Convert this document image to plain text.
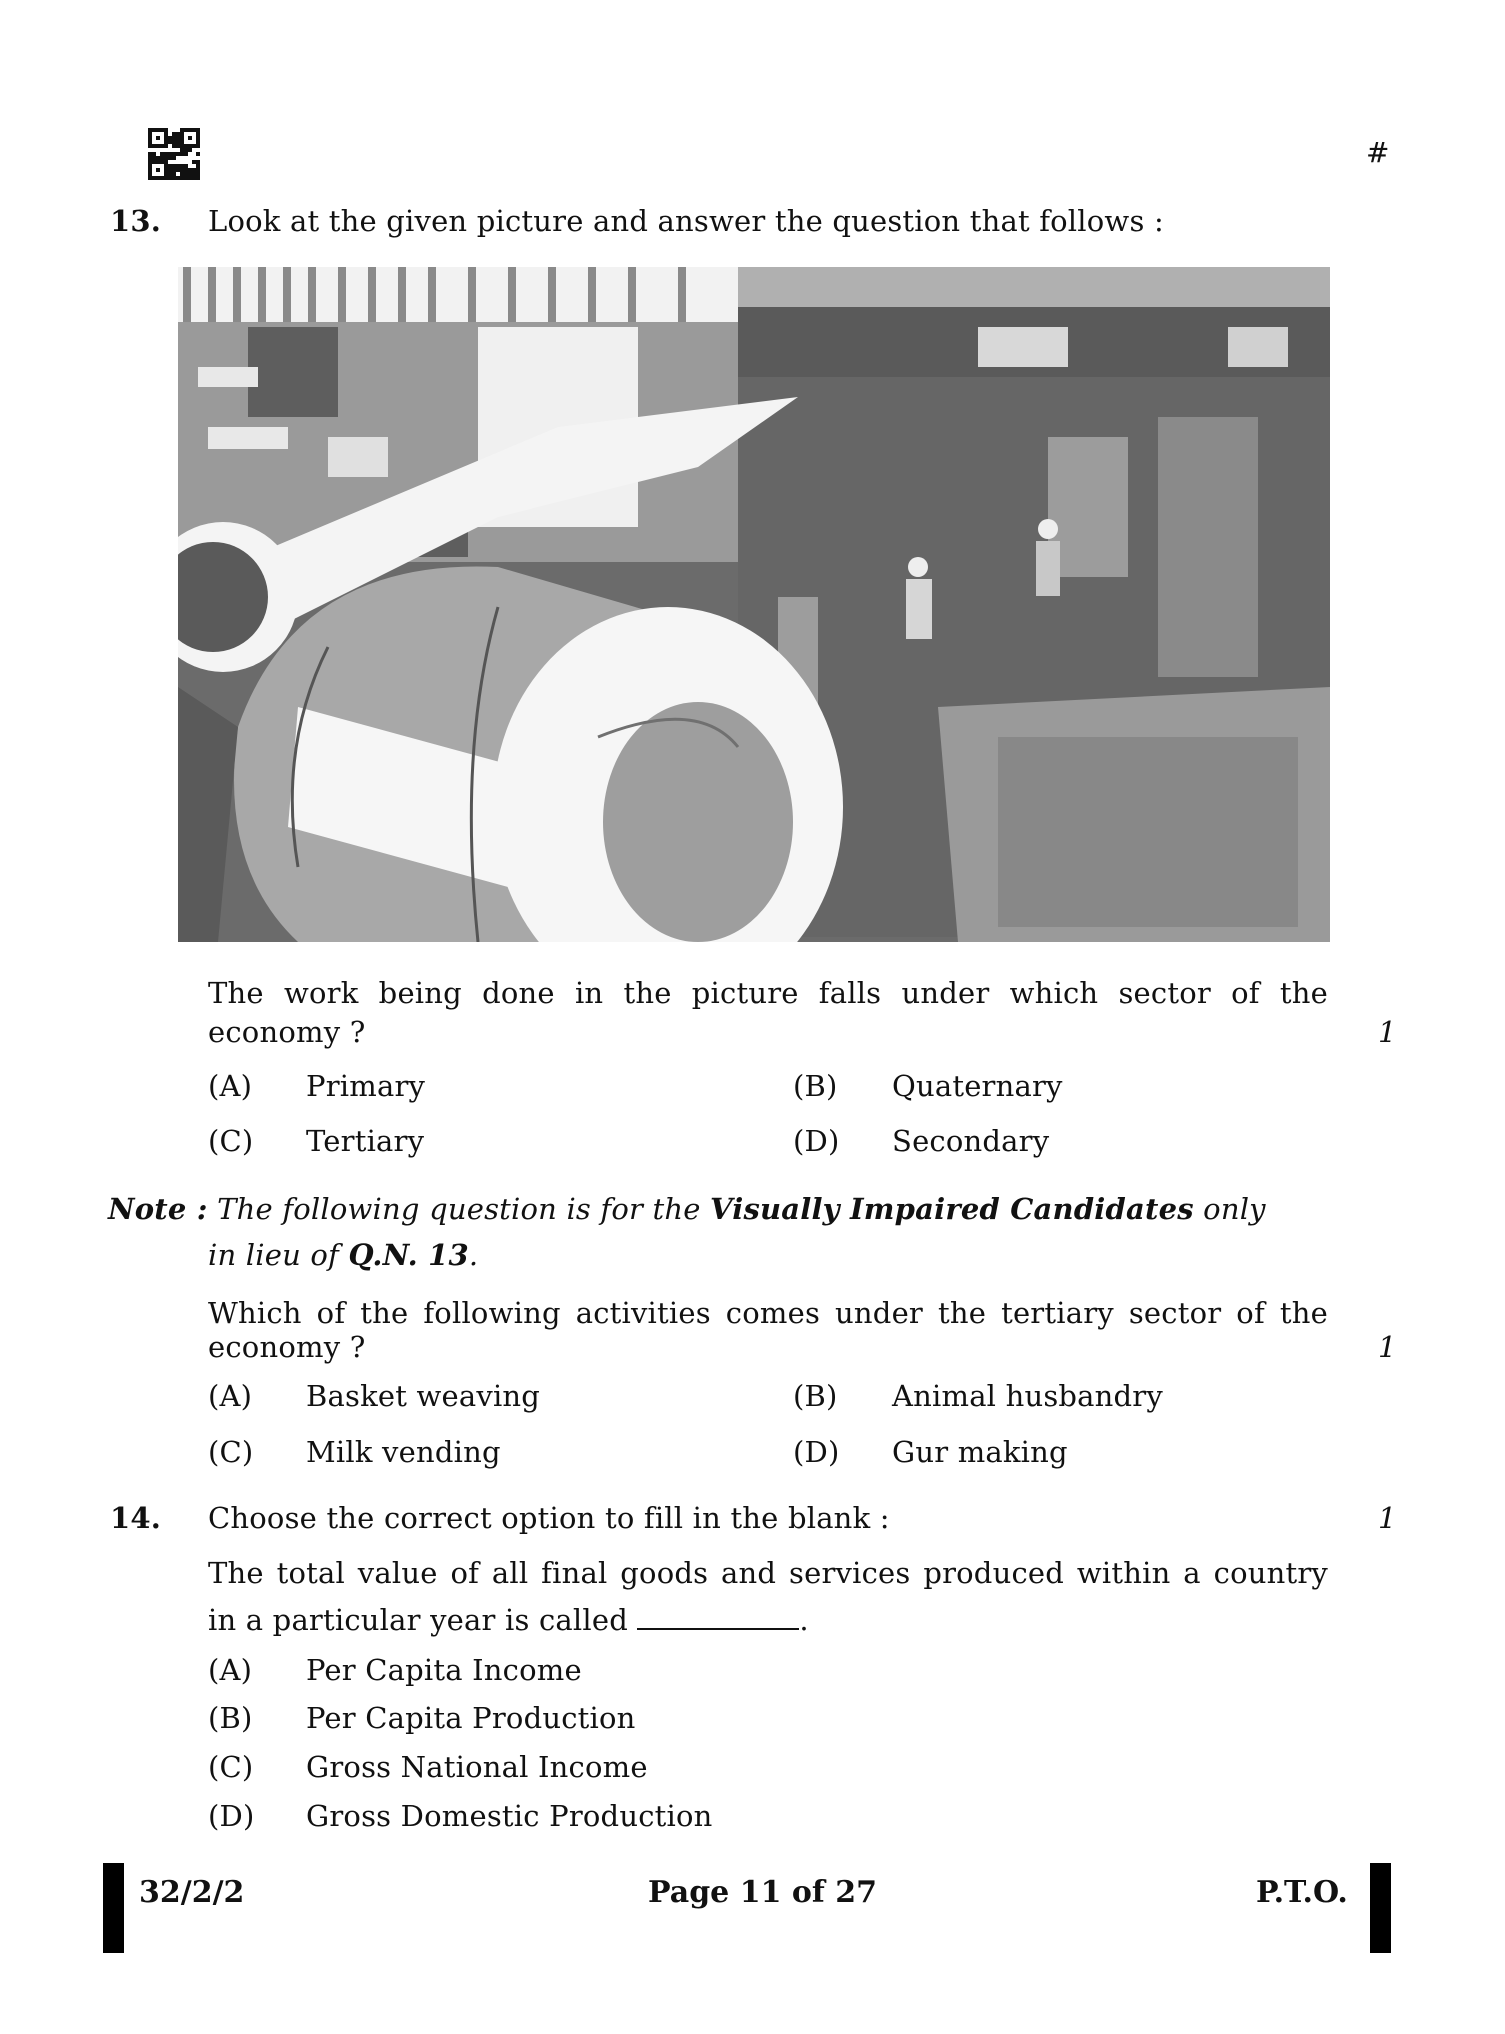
#
13. Look at the given picture and answer the question that follows :
The work being done in the picture falls under which sector of the
economy ?	1
(A) Primary	(B) Quaternary
(C) Tertiary	(D) Secondary
Note : The following question is for the Visually Impaired Candidates only
in lieu of Q.N. 13.
Which of the following activities comes under the tertiary sector of the
economy ?	1
(A) Basket weaving	(B) Animal husbandry
(C) Milk vending	(D) Gur making
14. Choose the correct option to fill in the blank :	1
The total value of all final goods and services produced within a country
in a particular year is called	.
(A) Per Capita Income
(B) Per Capita Production
(C) Gross National Income
(D) Gross Domestic Production
32/2/2	Page 11 of 27	P.T.O.
